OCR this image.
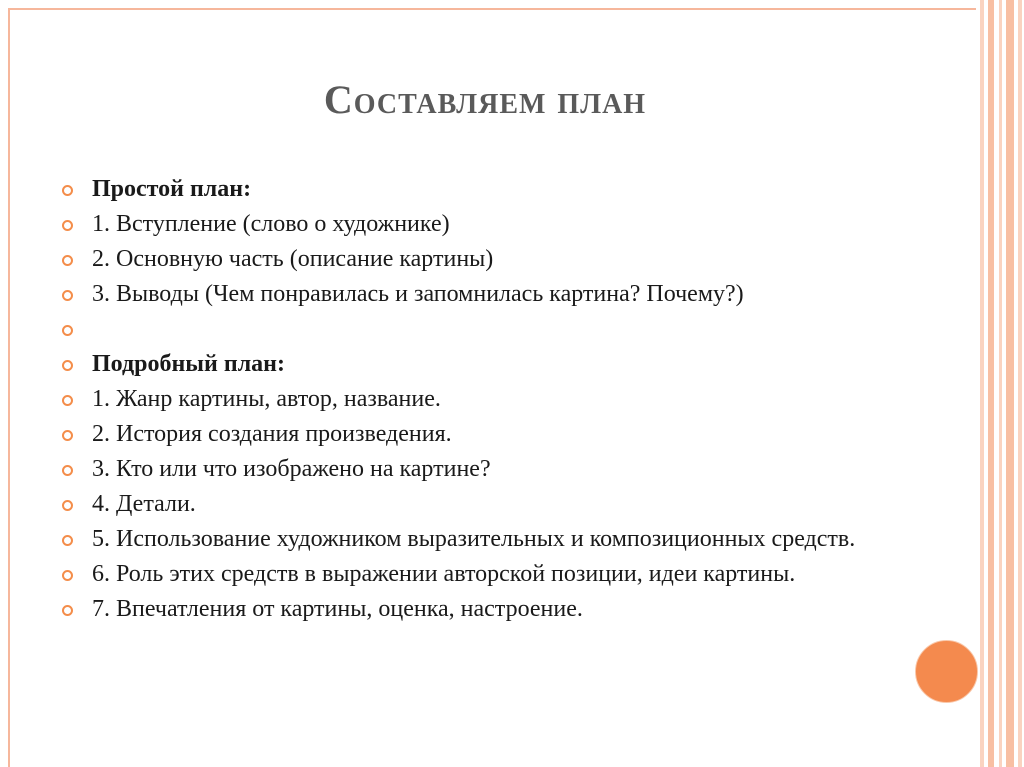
Составляем план
Простой план:
1. Вступление (слово о художнике)
2. Основную часть (описание картины)
3. Выводы (Чем понравилась и запомнилась картина? Почему?)
Подробный план:
1. Жанр картины, автор, название.
2. История создания произведения.
3. Кто или что изображено на картине?
4. Детали.
5. Использование художником выразительных и композиционных средств.
6. Роль этих средств в выражении авторской позиции, идеи картины.
7. Впечатления от картины, оценка, настроение.
